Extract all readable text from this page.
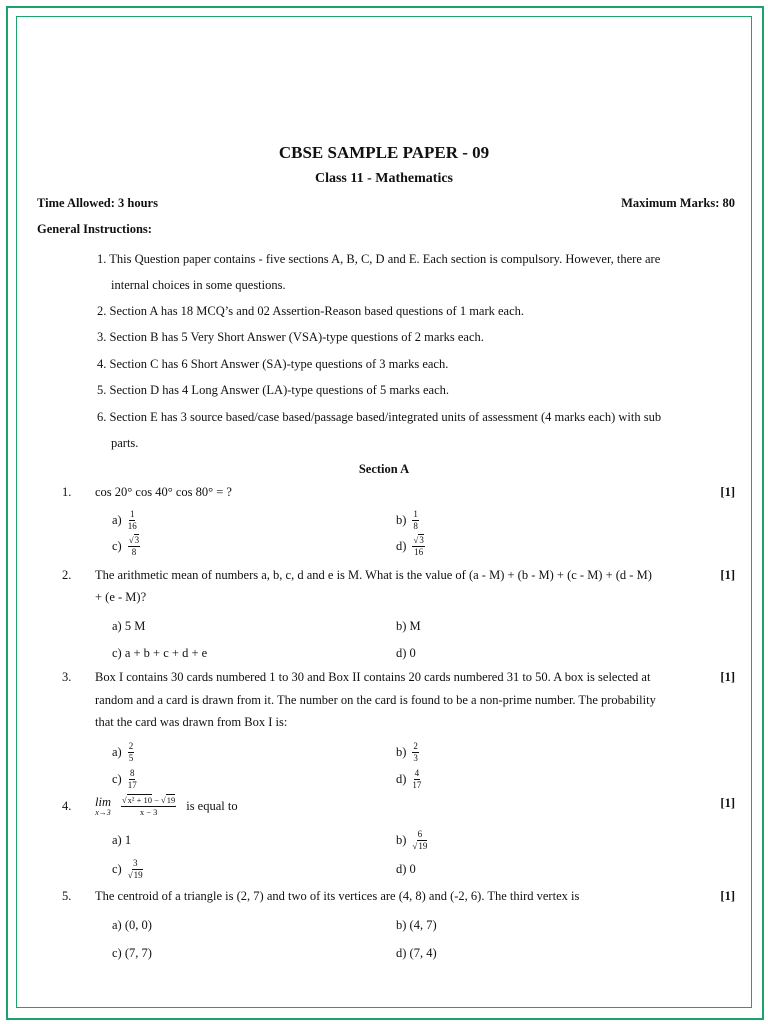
CBSE SAMPLE PAPER - 09
Class 11 - Mathematics
Time Allowed: 3 hours	Maximum Marks: 80
General Instructions:
1. This Question paper contains - five sections A, B, C, D and E. Each section is compulsory. However, there are
internal choices in some questions.
2. Section A has 18 MCQ’s and 02 Assertion-Reason based questions of 1 mark each.
3. Section B has 5 Very Short Answer (VSA)-type questions of 2 marks each.
4. Section C has 6 Short Answer (SA)-type questions of 3 marks each.
5. Section D has 4 Long Answer (LA)-type questions of 5 marks each.
6. Section E has 3 source based/case based/passage based/integrated units of assessment (4 marks each) with sub
parts.
Section A
1. cos 20° cos 40° cos 80° = ?	[1]
$a) \frac{1}{16}$	$b) \frac{1}{8}$
$c) \frac{√3}{8}$	$d) \frac{√3}{16}$
2. The arithmetic mean of numbers a, b, c, d and e is M. What is the value of (a - M) + (b - M) + (c - M) + (d - M)
+ (e - M)?
[1]
a) 5 M	b) M
c) a + b + c + d + e	d) 0
3. Box I contains 30 cards numbered 1 to 30 and Box II contains 20 cards numbered 31 to 50. A box is selected at
random and a card is drawn from it. The number on the card is found to be a non-prime number. The probability
that the card was drawn from Box I is:
[1]
$a) \frac{2}{5}$	$b) \frac{2}{3}$
$c) \frac{8}{17}$	$d) \frac{4}{17}$
4.	[1]
lim
$x\to 3 \frac{\text{√x² + 10 − √19}}{x - 3}$ is equal to
a) 1	$b) \frac{6}{√19}$
$c) \frac{3}{√19}$	d) 0
5. The centroid of a triangle is (2, 7) and two of its vertices are (4, 8) and (-2, 6). The third vertex is	[1]
a) (0, 0)	b) (4, 7)
c) (7, 7)	d) (7, 4)
